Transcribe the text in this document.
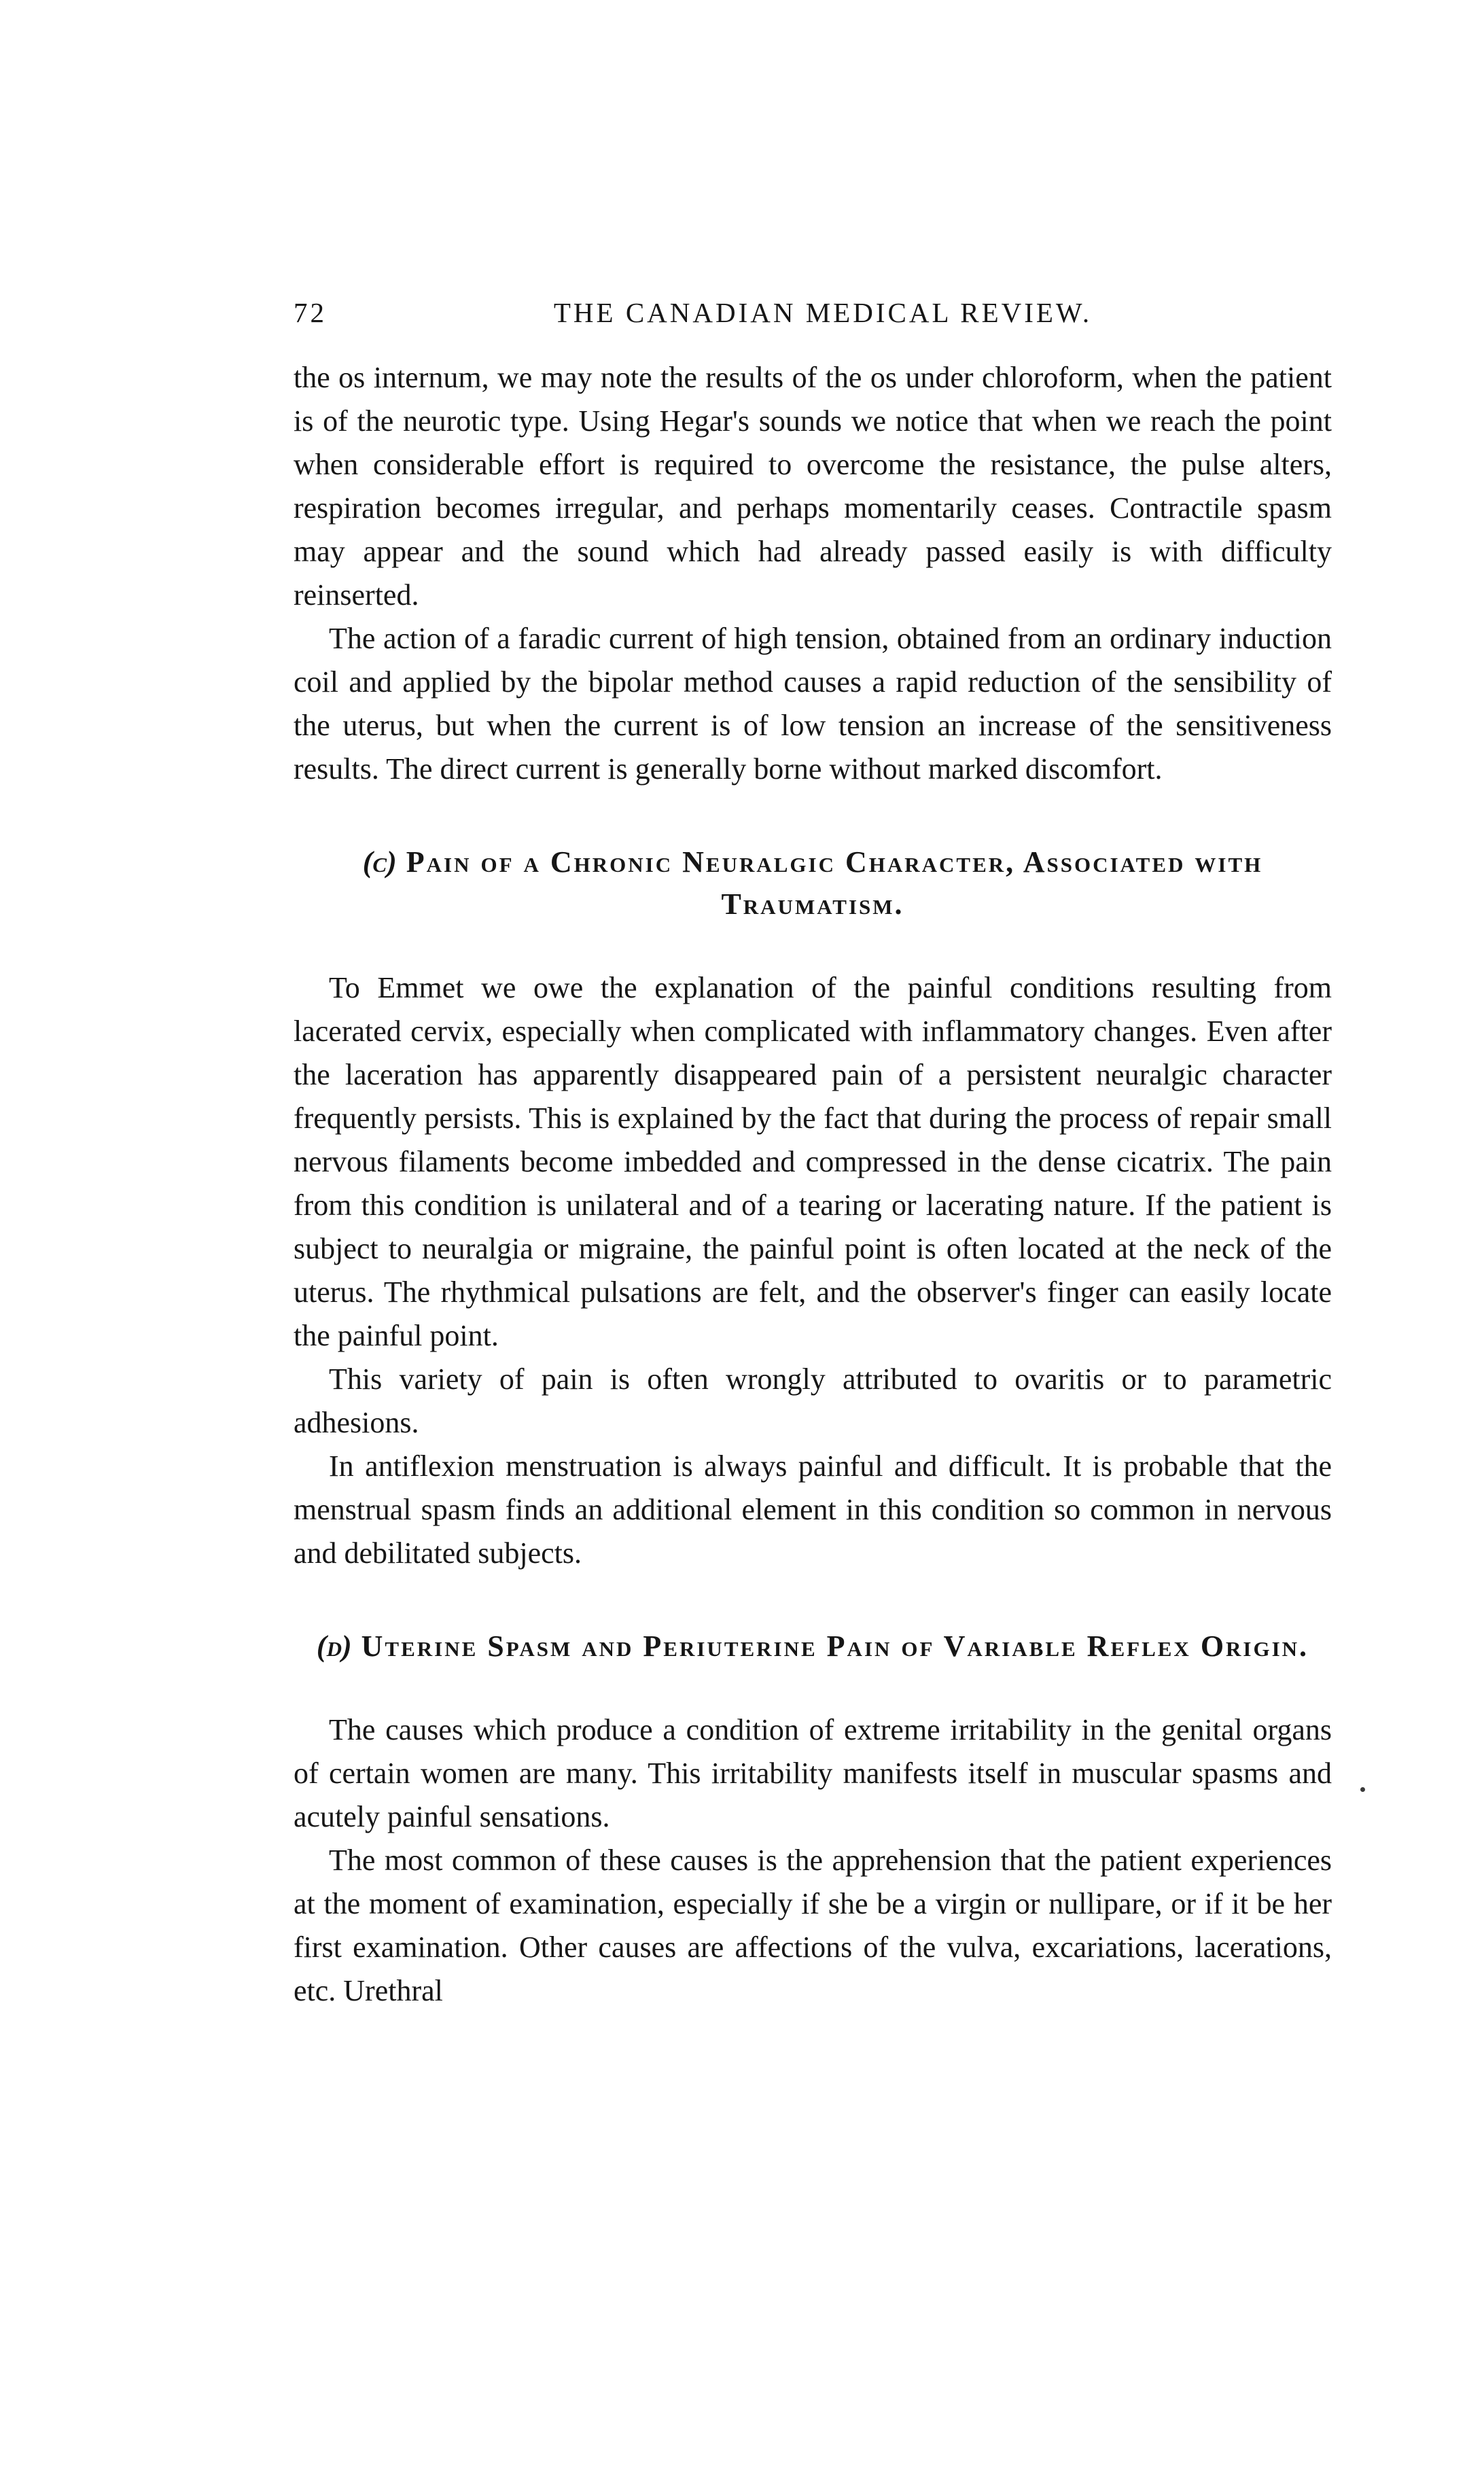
72	THE CANADIAN MEDICAL REVIEW.

the os internum, we may note the results of the os under chloroform, when the patient is of the neurotic type. Using Hegar's sounds we notice that when we reach the point when considerable effort is required to overcome the resistance, the pulse alters, respiration becomes irregular, and perhaps momentarily ceases. Contractile spasm may appear and the sound which had already passed easily is with difficulty reinserted.

The action of a faradic current of high tension, obtained from an ordinary induction coil and applied by the bipolar method causes a rapid reduction of the sensibility of the uterus, but when the current is of low tension an increase of the sensitiveness results. The direct current is generally borne without marked discomfort.

(c) Pain of a Chronic Neuralgic Character, Associated with Traumatism.

To Emmet we owe the explanation of the painful conditions resulting from lacerated cervix, especially when complicated with inflammatory changes. Even after the laceration has apparently disappeared pain of a persistent neuralgic character frequently persists. This is explained by the fact that during the process of repair small nervous filaments become imbedded and compressed in the dense cicatrix. The pain from this condition is unilateral and of a tearing or lacerating nature. If the patient is subject to neuralgia or migraine, the painful point is often located at the neck of the uterus. The rhythmical pulsations are felt, and the observer's finger can easily locate the painful point.

This variety of pain is often wrongly attributed to ovaritis or to parametric adhesions.

In antiflexion menstruation is always painful and difficult. It is probable that the menstrual spasm finds an additional element in this condition so common in nervous and debilitated subjects.

(d) Uterine Spasm and Periuterine Pain of Variable Reflex Origin.

The causes which produce a condition of extreme irritability in the genital organs of certain women are many. This irritability manifests itself in muscular spasms and acutely painful sensations.

The most common of these causes is the apprehension that the patient experiences at the moment of examination, especially if she be a virgin or nullipare, or if it be her first examination. Other causes are affections of the vulva, excariations, lacerations, etc. Urethral
